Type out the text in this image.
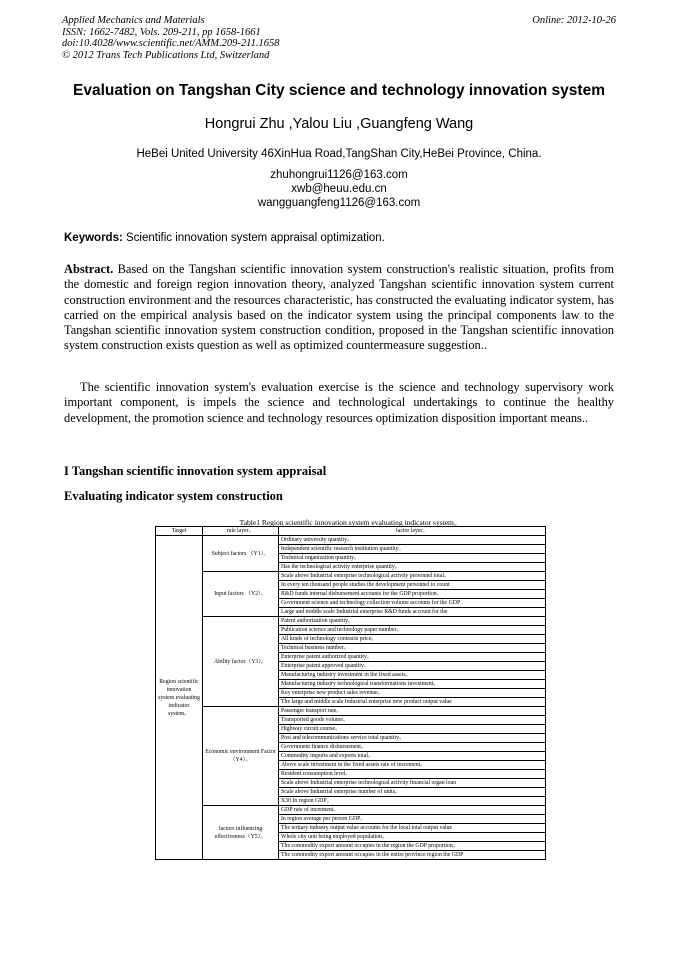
Applied Mechanics and Materials
ISSN: 1662-7482, Vols. 209-211, pp 1658-1661
doi:10.4028/www.scientific.net/AMM.209-211.1658
© 2012 Trans Tech Publications Ltd, Switzerland
Online: 2012-10-26
Evaluation on Tangshan City science and technology innovation system
Hongrui Zhu ,Yalou Liu ,Guangfeng Wang
HeBei United University 46XinHua Road,TangShan City,HeBei Province, China.
zhuhongrui1126@163.com
xwb@heuu.edu.cn
wangguangfeng1126@163.com
Keywords: Scientific innovation system appraisal optimization.
Abstract. Based on the Tangshan scientific innovation system construction's realistic situation, profits from the domestic and foreign region innovation theory, analyzed Tangshan scientific innovation system current construction environment and the resources characteristic, has constructed the evaluating indicator system, has carried on the empirical analysis based on the indicator system using the principal components law to the Tangshan scientific innovation system construction condition, proposed in the Tangshan scientific innovation system construction exists question as well as optimized countermeasure suggestion..
The scientific innovation system's evaluation exercise is the science and technology supervisory work important component, is impels the science and technological undertakings to continue the healthy development, the promotion science and technology resources optimization disposition important means..
I Tangshan scientific innovation system appraisal
Evaluating indicator system construction
Table1 Region scientific innovation system evaluating indicator system。
Target	rule layer。	factor layer。
Region scientific innovation system evaluating indicator system。	Subject factors （Y1）。	Ordinary university quantity。
		Independent scientific research institution quantity。
		Technical organization quantity。
		Has the technological activity enterprise quantity。
	Input factors （Y2）。	Scale above Industrial enterprise technological activity personnel total。
		In every ten thousand people studies the development personnel to count
		R&D funds internal disbursement accounts for the GDP proportion。
		Government science and technology collection volume accounts for the GDP
		Large and middle scale Industrial enterprise R&D funds account for the
	Ability factor（Y3）。	Patent authorization quantity。
		Publication science and technology paper number。
		All kinds of technology contracts price。
		Technical business number。
		Enterprise patent authorized quantity。
		Enterprise patent approved quantity。
		Manufacturing industry investment in the fixed assets。
		Manufacturing industry technological transformations investment。
		Key enterprise new product sales revenue。
		The large and middle scale Industrial enterprise new product output value
	Economic environment Factor（Y4）。	Passenger transport rate。
		Transported goods volume。
		Highway circuit course。
		Post and telecommunications service total quantity。
		Government finance disbursement。
		Commodity imports and exports total。
		Above scale investment in the fixed assets rate of increment。
		Resident consumption level。
		Scale above Industrial enterprise technological activity financial organ loan
		Scale above Industrial enterprise number of units。
		X30 In region GDP。
	factors influencing effectiveness（Y5）。	GDP rate of increment。
		In region average per person GDP。
		The tertiary industry output value accounts for the local total output value
		Whole city unit being employed population。
		The commodity export amount occupies in the region the GDP proportion。
		The commodity export amount occupies in the entire province region the GDP
